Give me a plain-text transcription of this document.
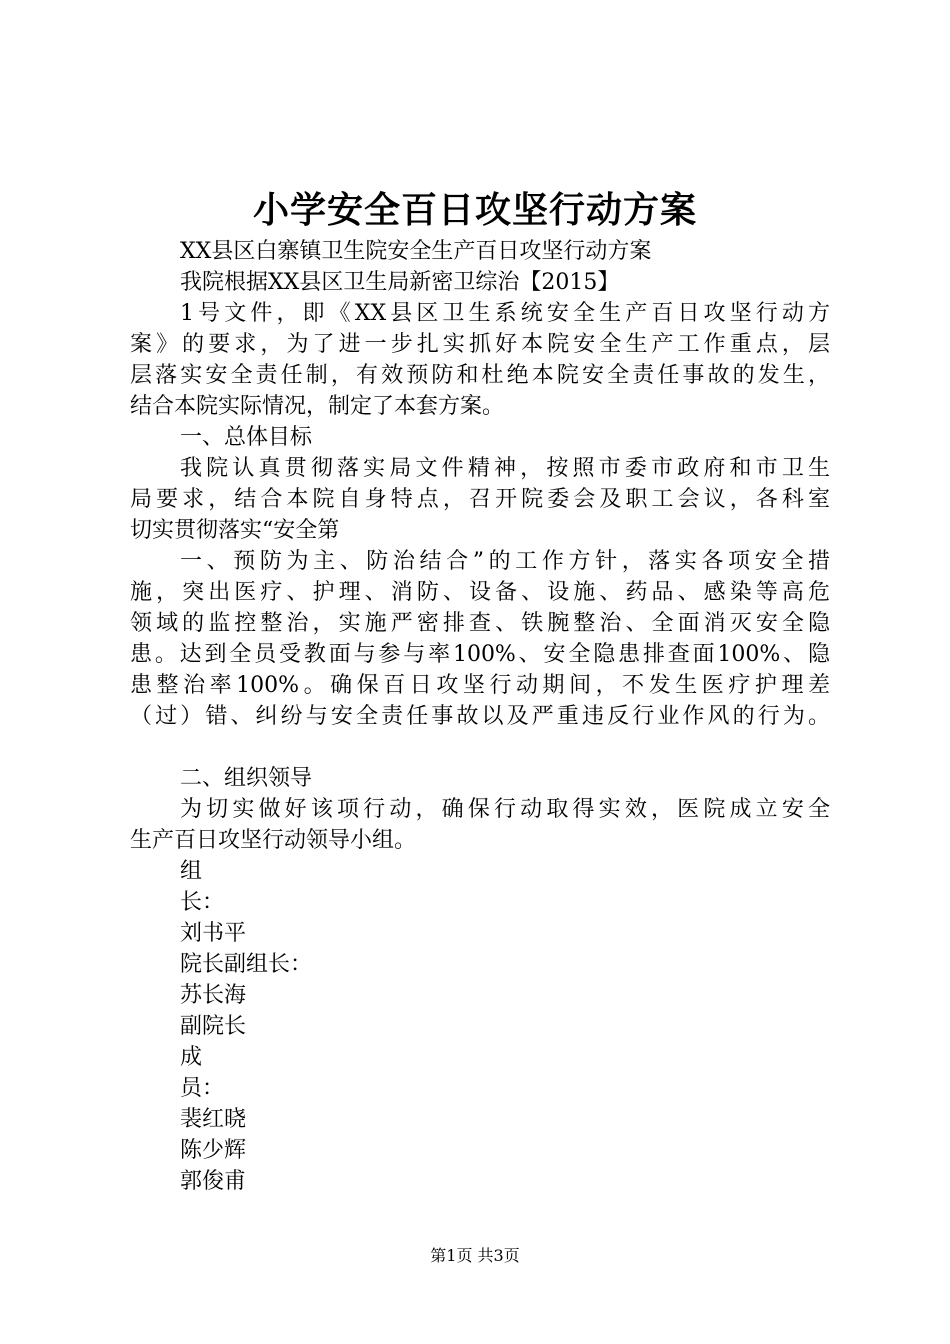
小学安全百日攻坚行动方案
XX县区白寨镇卫生院安全生产百日攻坚行动方案
我院根据XX县区卫生局新密卫综治【2015】
1号文件，即《XX县区卫生系统安全生产百日攻坚行动方
案》的要求，为了进一步扎实抓好本院安全生产工作重点，层
层落实安全责任制，有效预防和杜绝本院安全责任事故的发生，
结合本院实际情况，制定了本套方案。
一、总体目标
我院认真贯彻落实局文件精神，按照市委市政府和市卫生
局要求，结合本院自身特点，召开院委会及职工会议，各科室
切实贯彻落实“安全第
一、预防为主、防治结合”的工作方针，落实各项安全措
施，突出医疗、护理、消防、设备、设施、药品、感染等高危
领域的监控整治，实施严密排查、铁腕整治、全面消灭安全隐
患。达到全员受教面与参与率100%、安全隐患排查面100%、隐
患整治率100%。确保百日攻坚行动期间，不发生医疗护理差
（过）错、纠纷与安全责任事故以及严重违反行业作风的行为。
二、组织领导
为切实做好该项行动，确保行动取得实效，医院成立安全
生产百日攻坚行动领导小组。
组
长：
刘书平
院长副组长：
苏长海
副院长
成
员：
裴红晓
陈少辉
郭俊甫
第1页 共3页
